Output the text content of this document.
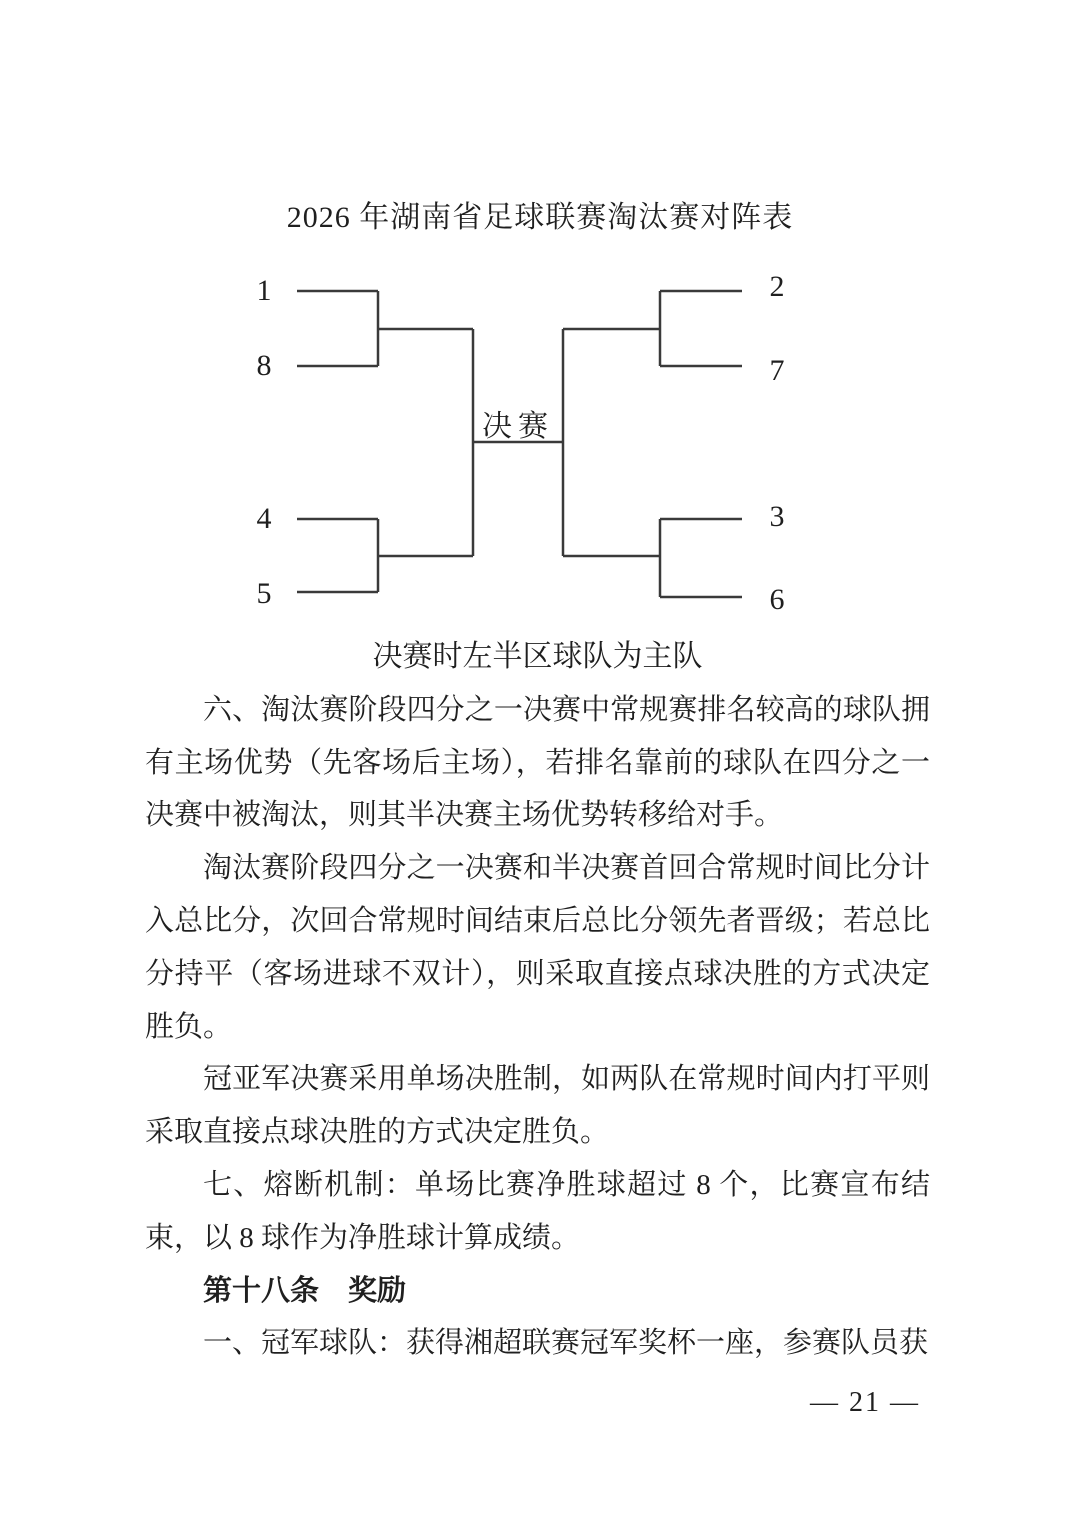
2026 年湖南省足球联赛淘汰赛对阵表
1
8
4
5
2
7
3
6
决赛
决赛时左半区球队为主队

六、淘汰赛阶段四分之一决赛中常规赛排名较高的球队拥有主场优势（先客场后主场），若排名靠前的球队在四分之一决赛中被淘汰，则其半决赛主场优势转移给对手。

淘汰赛阶段四分之一决赛和半决赛首回合常规时间比分计入总比分，次回合常规时间结束后总比分领先者晋级；若总比分持平（客场进球不双计），则采取直接点球决胜的方式决定胜负。

冠亚军决赛采用单场决胜制，如两队在常规时间内打平则采取直接点球决胜的方式决定胜负。

七、熔断机制：单场比赛净胜球超过 8 个，比赛宣布结束，以 8 球作为净胜球计算成绩。

第十八条　奖励

一、冠军球队：获得湘超联赛冠军奖杯一座，参赛队员获

— 21 —
